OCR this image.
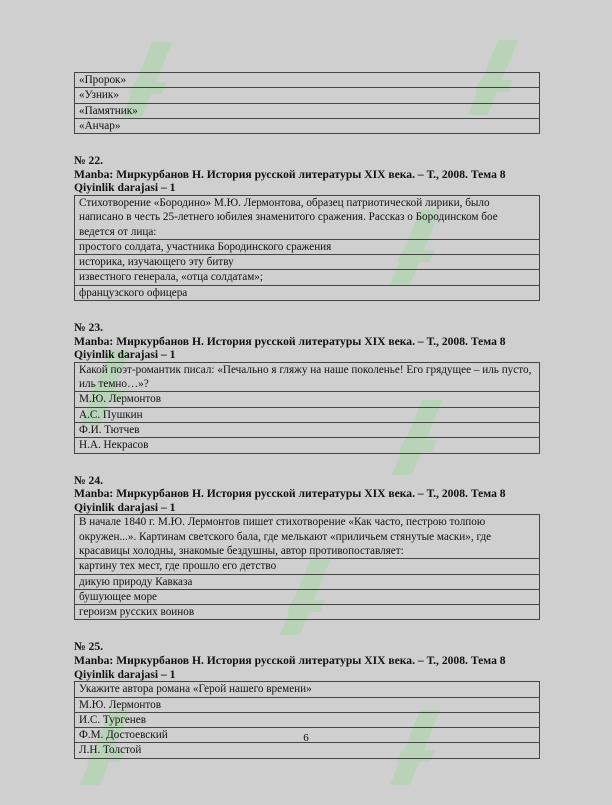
«Пророк»
«Узник»
«Памятник»
«Анчар»
№ 22.
Manba: Миркурбанов Н. История русской литературы XIX века. – Т., 2008. Тема 8
Qiyinlik darajasi – 1
Стихотворение «Бородино» М.Ю. Лермонтова, образец патриотической лирики, было написано в честь 25-летнего юбилея знаменитого сражения. Рассказ о Бородинском бое ведется от лица:
простого солдата, участника Бородинского сражения
историка, изучающего эту битву
известного генерала, «отца солдатам»;
французского офицера
№ 23.
Manba: Миркурбанов Н. История русской литературы XIX века. – Т., 2008. Тема 8
Qiyinlik darajasi – 1
Какой поэт-романтик писал: «Печально я гляжу на наше поколенье! Его грядущее – иль пусто, иль темно…»?
М.Ю. Лермонтов
А.С. Пушкин
Ф.И. Тютчев
Н.А. Некрасов
№ 24.
Manba: Миркурбанов Н. История русской литературы XIX века. – Т., 2008. Тема 8
Qiyinlik darajasi – 1
В начале 1840 г. М.Ю. Лермонтов пишет стихотворение «Как часто, пестрою толпою окружен...». Картинам светского бала, где мелькают «приличьем стянутые маски», где красавицы холодны, знакомые бездушны, автор противопоставляет:
картину тех мест, где прошло его детство
дикую природу Кавказа
бушующее море
героизм русских воинов
№ 25.
Manba: Миркурбанов Н. История русской литературы XIX века. – Т., 2008. Тема 8
Qiyinlik darajasi – 1
Укажите автора романа «Герой нашего времени»
М.Ю. Лермонтов
И.С. Тургенев
Ф.М. Достоевский
Л.Н. Толстой
6
